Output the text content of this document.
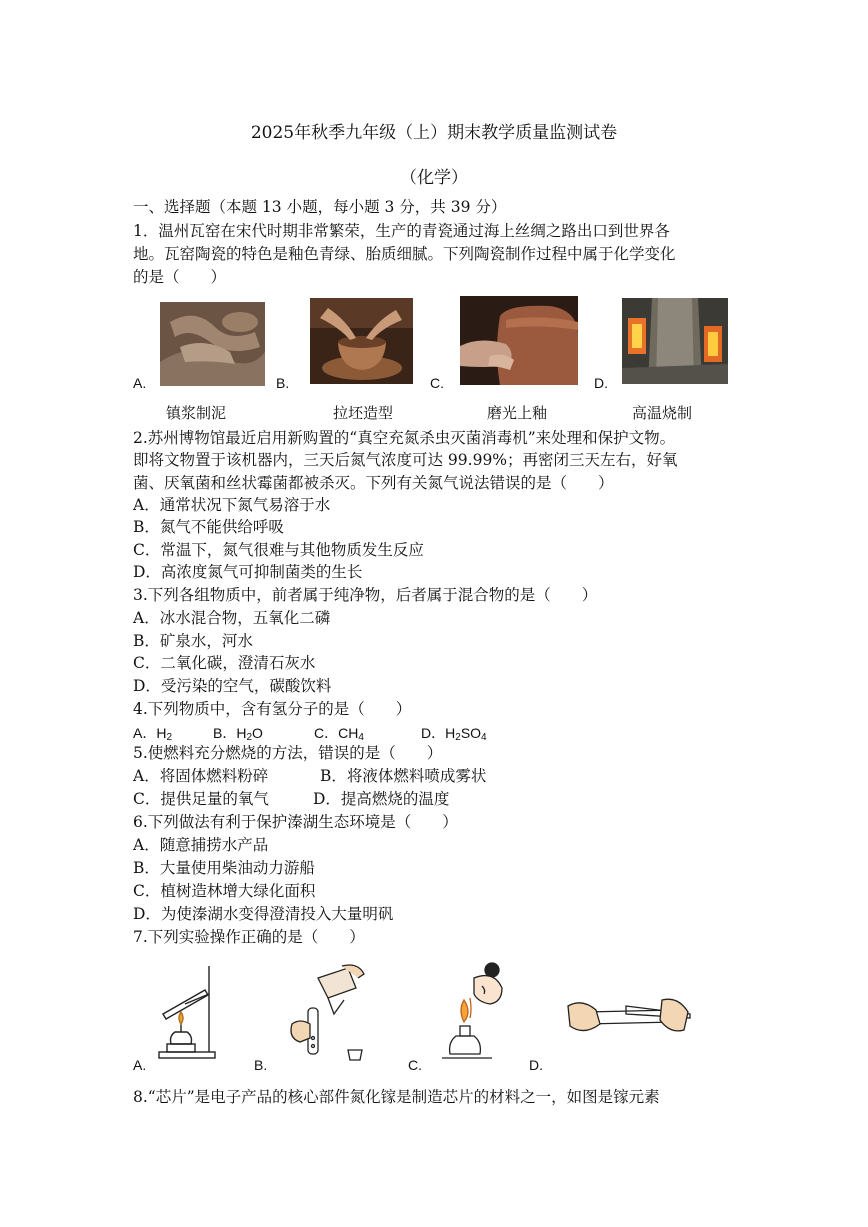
2025年秋季九年级（上）期末教学质量监测试卷
（化学）
一、选择题（本题 13 小题，每小题 3 分，共 39 分）
1．温州瓦窑在宋代时期非常繁荣，生产的青瓷通过海上丝绸之路出口到世界各
地。瓦窑陶瓷的特色是釉色青绿、胎质细腻。下列陶瓷制作过程中属于化学变化
的是（　　）
A.	B.	C.	D.
镇浆制泥	拉坯造型	磨光上釉	高温烧制
2.苏州博物馆最近启用新购置的“真空充氮杀虫灭菌消毒机”来处理和保护文物。
即将文物置于该机器内，三天后氮气浓度可达 99.99%；再密闭三天左右，好氧
菌、厌氧菌和丝状霉菌都被杀灭。下列有关氮气说法错误的是（　　）
A．通常状况下氮气易溶于水
B．氮气不能供给呼吸
C．常温下，氮气很难与其他物质发生反应
D．高浓度氮气可抑制菌类的生长
3.下列各组物质中，前者属于纯净物，后者属于混合物的是（　　）
A．冰水混合物，五氧化二磷
B．矿泉水，河水
C．二氧化碳，澄清石灰水
D．受污染的空气，碳酸饮料
4.下列物质中，含有氢分子的是（　　）
A．$H_2$	B．$H_2O$	C．$CH_4$	D．$H_2SO_4$
5.使燃料充分燃烧的方法，错误的是（　　）
A．将固体燃料粉碎	B．将液体燃料喷成雾状
C．提供足量的氧气	D．提高燃烧的温度
6.下列做法有利于保护溱湖生态环境是（　　）
A．随意捕捞水产品
B．大量使用柴油动力游船
C．植树造林增大绿化面积
D．为使溱湖水变得澄清投入大量明矾
7.下列实验操作正确的是（　　）
A.	B.	C.	D.
8.“芯片”是电子产品的核心部件氮化镓是制造芯片的材料之一，如图是镓元素
